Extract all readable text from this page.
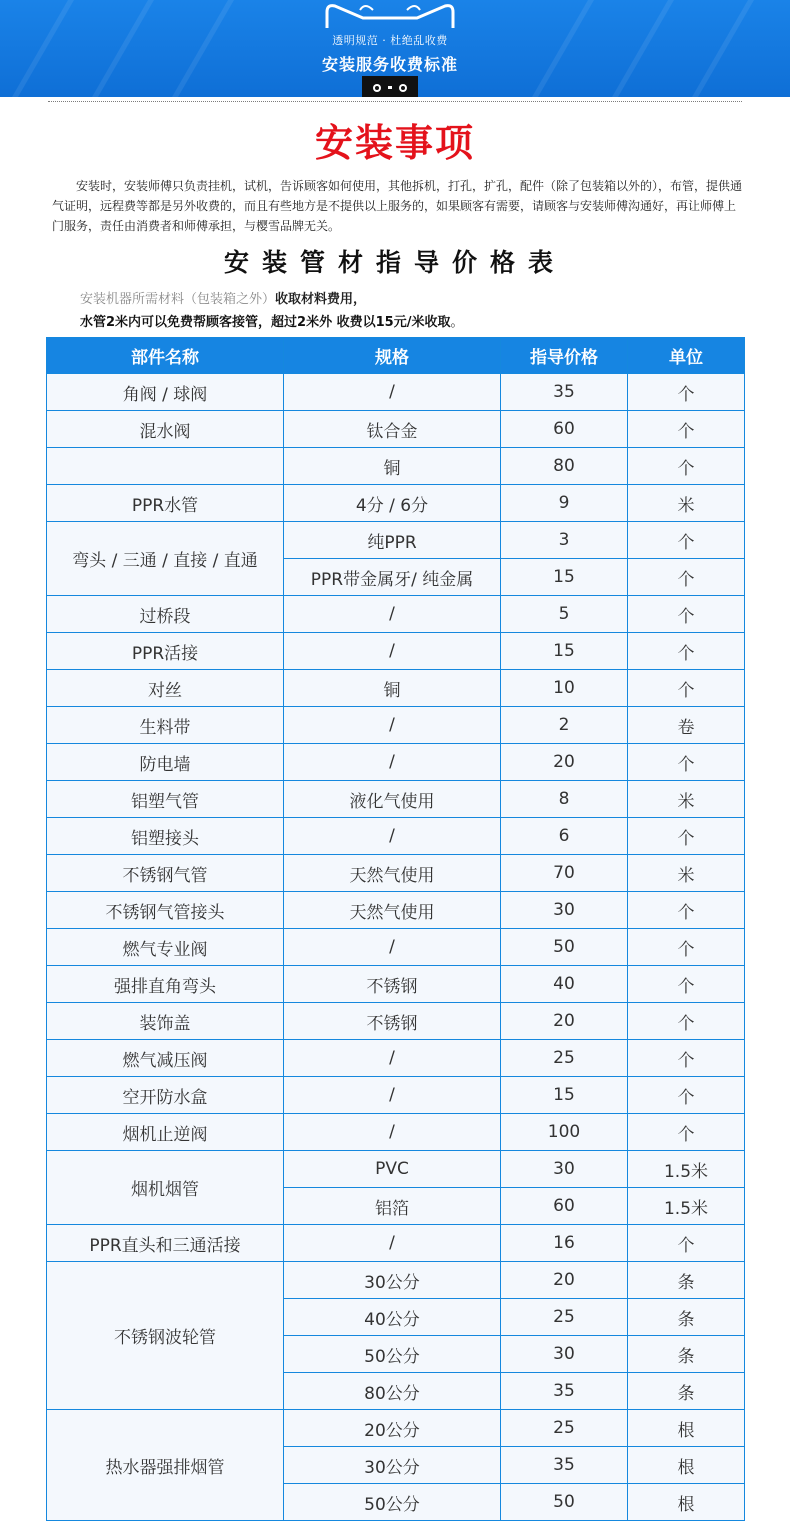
透明规范 · 杜绝乱收费
安装服务收费标准
安装事项
安装时，安装师傅只负责挂机，试机，告诉顾客如何使用，其他拆机，打孔，扩孔，配件（除了包装箱以外的），布管，提供通气证明，远程费等都是另外收费的，而且有些地方是不提供以上服务的，如果顾客有需要，请顾客与安装师傅沟通好，再让师傅上门服务，责任由消费者和师傅承担，与樱雪品牌无关。
安装管材指导价格表
安装机器所需材料（包装箱之外）收取材料费用，
水管2米内可以免费帮顾客接管，超过2米外 收费以15元/米收取。
部件名称	规格	指导价格	单位
角阀 / 球阀	/	35	个
混水阀	钛合金	60	个
	铜	80	个
PPR水管	4分 / 6分	9	米
弯头 / 三通 / 直接 / 直通	纯PPR	3	个
	PPR带金属牙/ 纯金属	15	个
过桥段	/	5	个
PPR活接	/	15	个
对丝	铜	10	个
生料带	/	2	卷
防电墙	/	20	个
铝塑气管	液化气使用	8	米
铝塑接头	/	6	个
不锈钢气管	天然气使用	70	米
不锈钢气管接头	天然气使用	30	个
燃气专业阀	/	50	个
强排直角弯头	不锈钢	40	个
装饰盖	不锈钢	20	个
燃气减压阀	/	25	个
空开防水盒	/	15	个
烟机止逆阀	/	100	个
烟机烟管	PVC	30	1.5米
	铝箔	60	1.5米
PPR直头和三通活接	/	16	个
不锈钢波轮管	30公分	20	条
	40公分	25	条
	50公分	30	条
	80公分	35	条
热水器强排烟管	20公分	25	根
	30公分	35	根
	50公分	50	根
